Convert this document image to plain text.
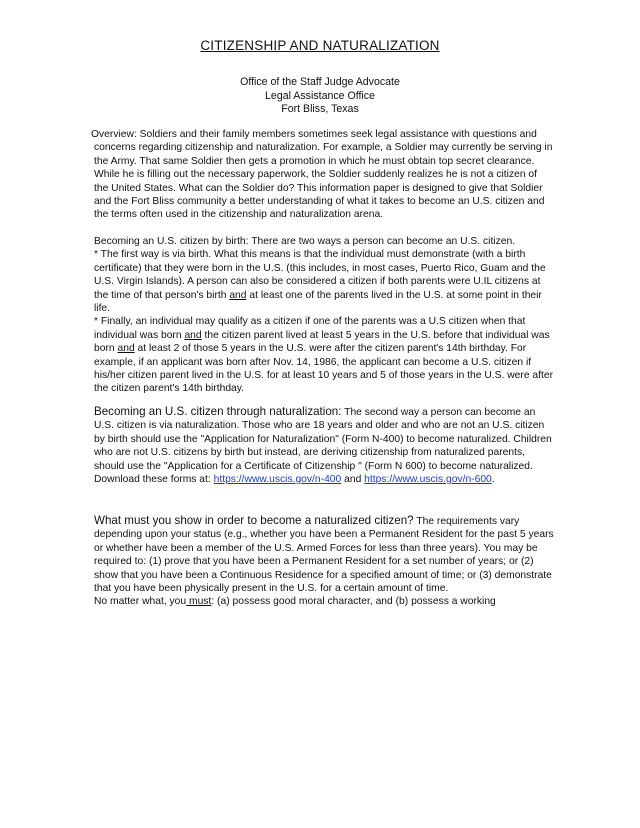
CITIZENSHIP AND NATURALIZATION
Office of the Staff Judge Advocate
Legal Assistance Office
Fort Bliss, Texas

Overview: Soldiers and their family members sometimes seek legal assistance with questions and concerns regarding citizenship and naturalization. For example, a Soldier may currently be serving in the Army. That same Soldier then gets a promotion in which he must obtain top secret clearance. While he is filling out the necessary paperwork, the Soldier suddenly realizes he is not a citizen of the United States. What can the Soldier do? This information paper is designed to give that Soldier and the Fort Bliss community a better understanding of what it takes to become an U.S. citizen and the terms often used in the citizenship and naturalization arena.

Becoming an U.S. citizen by birth: There are two ways a person can become an U.S. citizen.

* The first way is via birth. What this means is that the individual must demonstrate (with a birth certificate) that they were born in the U.S. (this includes, in most cases, Puerto Rico, Guam and the U.S. Virgin Islands). A person can also be considered a citizen if both parents were U.IL citizens at the time of that person's birth and at least one of the parents lived in the U.S. at some point in their life.

* Finally, an individual may qualify as a citizen if one of the parents was a U.S citizen when that individual was born and the citizen parent lived at least 5 years in the U.S. before that individual was born and at least 2 of those 5 years in the U.S. were after the citizen parent's 14th birthday. For example, if an applicant was born after Nov. 14, 1986, the applicant can become a U.S. citizen if his/her citizen parent lived in the U.S. for at least 10 years and 5 of those years in the U.S. were after the citizen parent's 14th birthday.

Becoming an U.S. citizen through naturalization: The second way a person can become an U.S. citizen is via naturalization. Those who are 18 years and older and who are not an U.S. citizen by birth should use the "Application for Naturalization" (Form N-400) to become naturalized. Children who are not U.S. citizens by birth but instead, are deriving citizenship from naturalized parents, should use the "Application for a Certificate of Citizenship " (Form N 600) to become naturalized. Download these forms at: https://www.uscis.gov/n-400 and https://www.uscis.gov/n-600.

What must you show in order to become a naturalized citizen? The requirements vary depending upon your status (e.g., whether you have been a Permanent Resident for the past 5 years or whether have been a member of the U.S. Armed Forces for less than three years). You may be required to: (1) prove that you have been a Permanent Resident for a set number of years; or (2) show that you have been a Continuous Residence for a specified amount of time; or (3) demonstrate that you have been physically present in the U.S. for a certain amount of time.

No matter what, you must: (a) possess good moral character, and (b) possess a working
